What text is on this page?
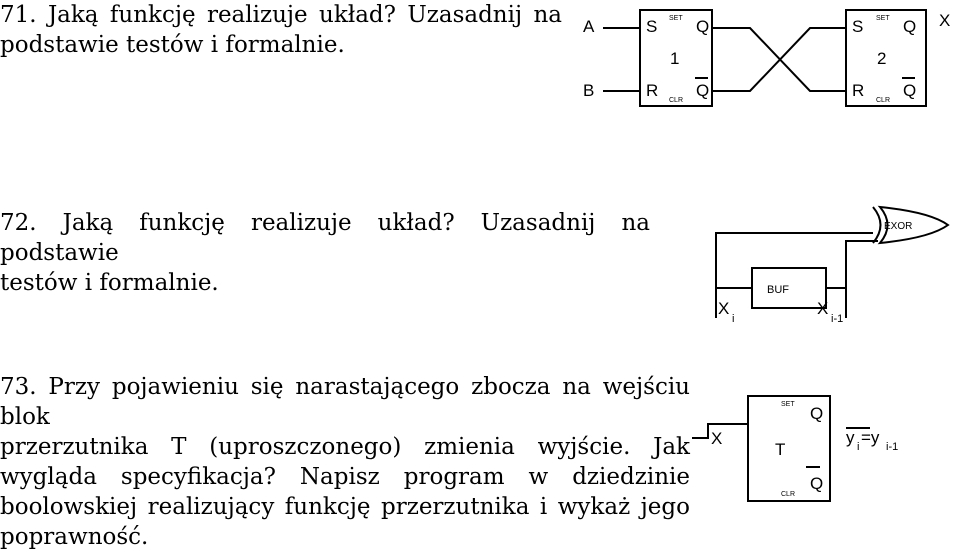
71. Jaką funkcję realizuje układ? Uzasadnij na
podstawie testów i formalnie.

72. Jaką funkcję realizuje układ? Uzasadnij na podstawie
testów i formalnie.

73. Przy pojawieniu się narastającego zbocza na wejściu blok
przerzutnika T (uproszczonego) zmienia wyjście. Jak
wygląda specyfikacja? Napisz program w dziedzinie
boolowskiej realizujący funkcję przerzutnika i wykaż jego
poprawność.

A
B
X
S SET Q
1
R
CLR
Q
S SET Q
2
R
CLR
Q
EXOR
BUF
X
i
X
i-1
X
T
SET
CLR
Q
Q
y i =y i-1
